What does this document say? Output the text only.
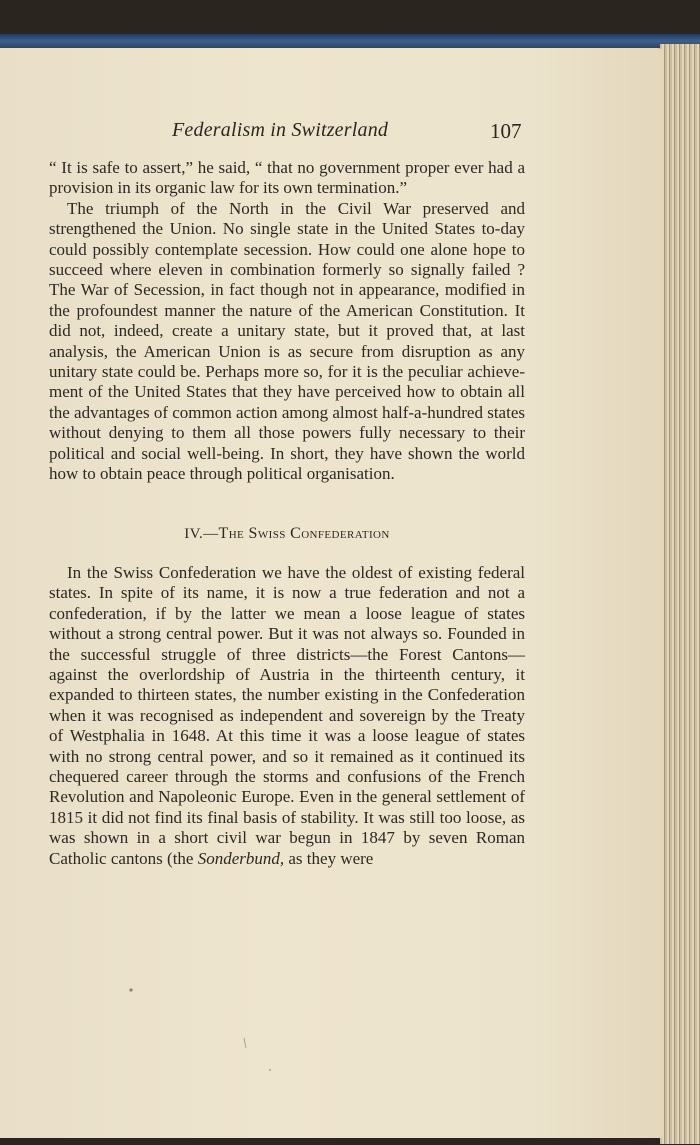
Federalism in Switzerland	107

“ It is safe to assert,” he said, “ that no government proper ever had a provision in its organic law for its own termination.”

The triumph of the North in the Civil War preserved and strengthened the Union. No single state in the United States to-day could possibly contemplate secession. How could one alone hope to succeed where eleven in combination formerly so signally failed ? The War of Secession, in fact though not in appearance, modified in the profoundest manner the nature of the American Constitution. It did not, indeed, create a unitary state, but it proved that, at last analysis, the American Union is as secure from disruption as any unitary state could be. Perhaps more so, for it is the peculiar achievement of the United States that they have perceived how to obtain all the advantages of common action among almost half-a-hundred states without denying to them all those powers fully necessary to their political and social well-being. In short, they have shown the world how to obtain peace through political organisation.

IV.—The Swiss Confederation

In the Swiss Confederation we have the oldest of existing federal states. In spite of its name, it is now a true federation and not a confederation, if by the latter we mean a loose league of states without a strong central power. But it was not always so. Founded in the successful struggle of three districts—the Forest Cantons—against the overlordship of Austria in the thirteenth century, it expanded to thirteen states, the number existing in the Confederation when it was recognised as independent and sovereign by the Treaty of Westphalia in 1648. At this time it was a loose league of states with no strong central power, and so it remained as it continued its chequered career through the storms and confusions of the French Revolution and Napoleonic Europe. Even in the general settlement of 1815 it did not find its final basis of stability. It was still too loose, as was shown in a short civil war begun in 1847 by seven Roman Catholic cantons (the Sonderbund, as they were
